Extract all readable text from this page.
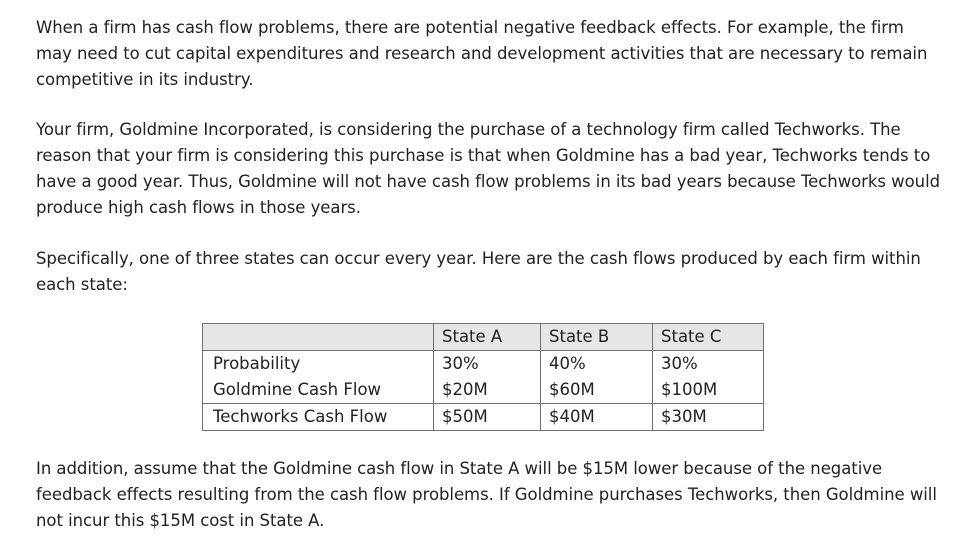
When a firm has cash flow problems, there are potential negative feedback effects. For example, the firm may need to cut capital expenditures and research and development activities that are necessary to remain competitive in its industry.

Your firm, Goldmine Incorporated, is considering the purchase of a technology firm called Techworks. The reason that your firm is considering this purchase is that when Goldmine has a bad year, Techworks tends to have a good year. Thus, Goldmine will not have cash flow problems in its bad years because Techworks would produce high cash flows in those years.

Specifically, one of three states can occur every year. Here are the cash flows produced by each firm within each state:

	State A	State B	State C
Probability	30%	40%	30%
Goldmine Cash Flow	$20M	$60M	$100M
Techworks Cash Flow	$50M	$40M	$30M

In addition, assume that the Goldmine cash flow in State A will be $15M lower because of the negative feedback effects resulting from the cash flow problems. If Goldmine purchases Techworks, then Goldmine will not incur this $15M cost in State A.
